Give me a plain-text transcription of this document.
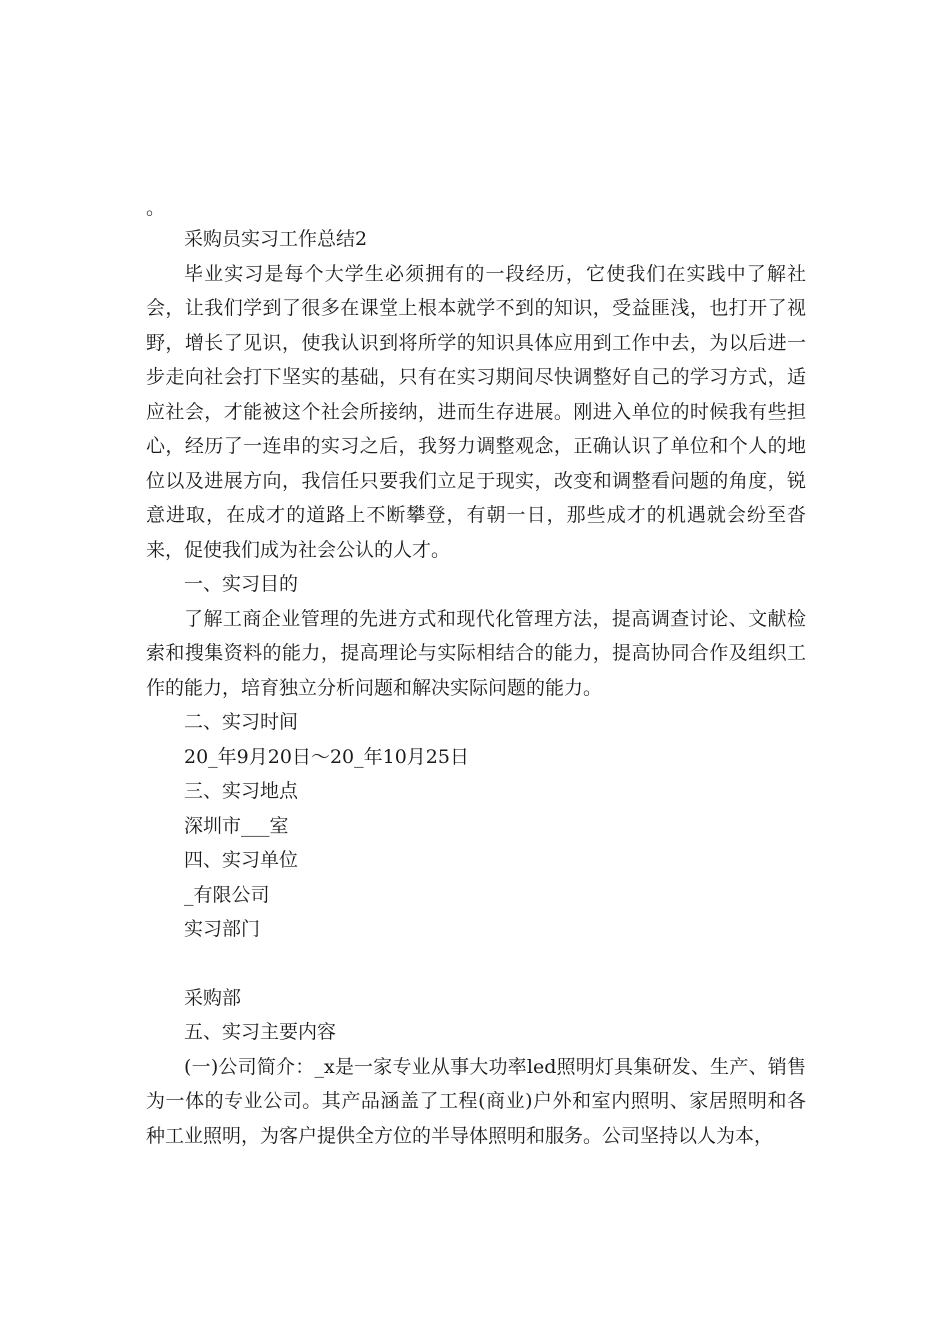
。

采购员实习工作总结2

毕业实习是每个大学生必须拥有的一段经历，它使我们在实践中了解社会，让我们学到了很多在课堂上根本就学不到的知识，受益匪浅，也打开了视野，增长了见识，使我认识到将所学的知识具体应用到工作中去，为以后进一步走向社会打下坚实的基础，只有在实习期间尽快调整好自己的学习方式，适应社会，才能被这个社会所接纳，进而生存进展。刚进入单位的时候我有些担心，经历了一连串的实习之后，我努力调整观念，正确认识了单位和个人的地位以及进展方向，我信任只要我们立足于现实，改变和调整看问题的角度，锐意进取，在成才的道路上不断攀登，有朝一日，那些成才的机遇就会纷至沓来，促使我们成为社会公认的人才。

一、实习目的

了解工商企业管理的先进方式和现代化管理方法，提高调查讨论、文献检索和搜集资料的能力，提高理论与实际相结合的能力，提高协同合作及组织工作的能力，培育独立分析问题和解决实际问题的能力。

二、实习时间

20_年9月20日～20_年10月25日

三、实习地点

深圳市___室

四、实习单位

_有限公司

实习部门

采购部

五、实习主要内容

(一)公司简介：_x是一家专业从事大功率led照明灯具集研发、生产、销售为一体的专业公司。其产品涵盖了工程(商业)户外和室内照明、家居照明和各种工业照明，为客户提供全方位的半导体照明和服务。公司坚持以人为本，
